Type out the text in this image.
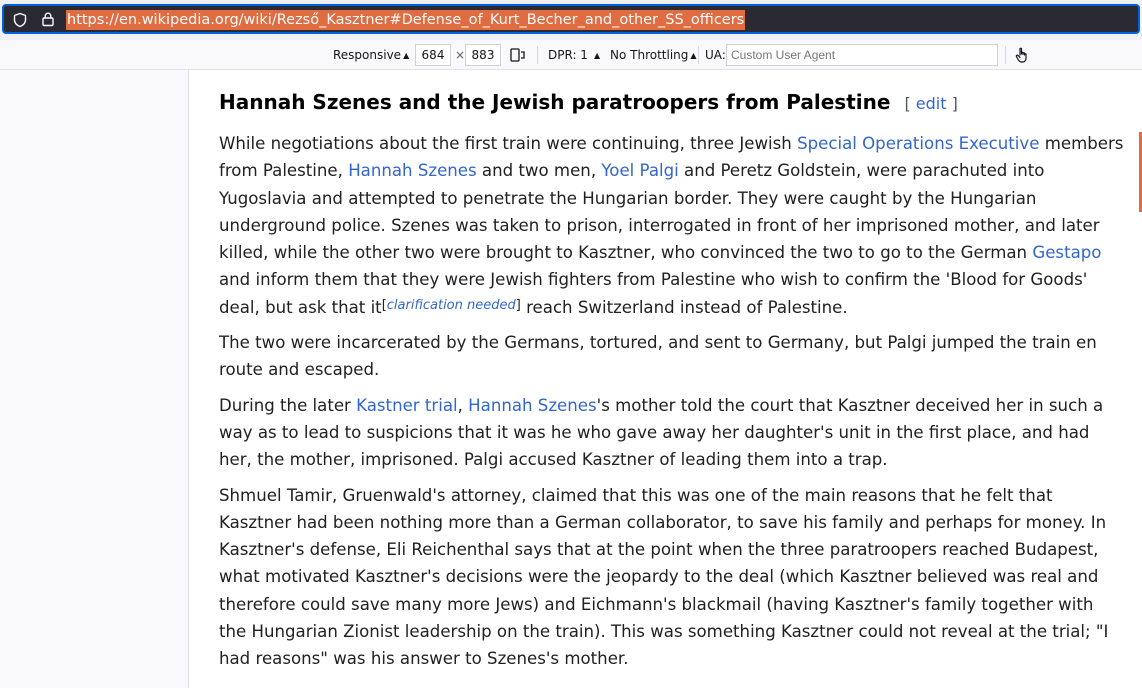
https://en.wikipedia.org/wiki/Rezső_Kasztner#Defense_of_Kurt_Becher_and_other_SS_officers
Responsive ▲︎	684 × 883	DPR: 1 ▲︎ No Throttling ▲︎ UA:
Custom User Agent
Hannah Szenes and the Jewish paratroopers from Palestine [ edit ]

While negotiations about the first train were continuing, three Jewish Special Operations Executive members from Palestine, Hannah Szenes and two men, Yoel Palgi and Peretz Goldstein, were parachuted into Yugoslavia and attempted to penetrate the Hungarian border. They were caught by the Hungarian underground police. Szenes was taken to prison, interrogated in front of her imprisoned mother, and later killed, while the other two were brought to Kasztner, who convinced the two to go to the German Gestapo and inform them that they were Jewish fighters from Palestine who wish to confirm the 'Blood for Goods' deal, but ask that it[clarification needed] reach Switzerland instead of Palestine.

The two were incarcerated by the Germans, tortured, and sent to Germany, but Palgi jumped the train en route and escaped.

During the later Kastner trial, Hannah Szenes's mother told the court that Kasztner deceived her in such a way as to lead to suspicions that it was he who gave away her daughter's unit in the first place, and had her, the mother, imprisoned. Palgi accused Kasztner of leading them into a trap.

Shmuel Tamir, Gruenwald's attorney, claimed that this was one of the main reasons that he felt that Kasztner had been nothing more than a German collaborator, to save his family and perhaps for money. In Kasztner's defense, Eli Reichenthal says that at the point when the three paratroopers reached Budapest, what motivated Kasztner's decisions were the jeopardy to the deal (which Kasztner believed was real and therefore could save many more Jews) and Eichmann's blackmail (having Kasztner's family together with the Hungarian Zionist leadership on the train). This was something Kasztner could not reveal at the trial; "I had reasons" was his answer to Szenes's mother.
